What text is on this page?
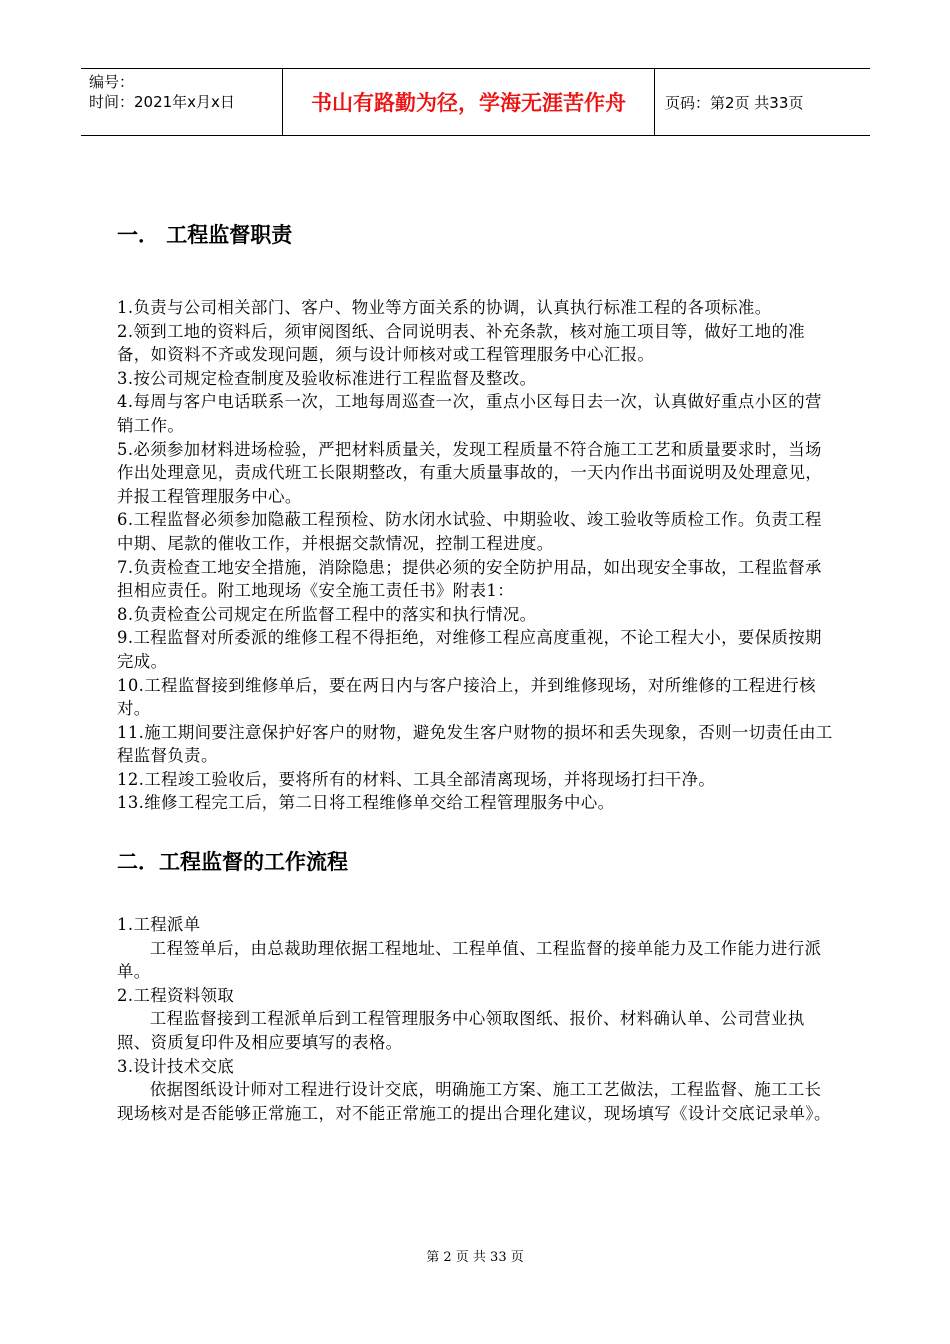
编号：
时间：2021年x月x日	书山有路勤为径，学海无涯苦作舟	页码：第2页 共33页
一． 工程监督职责

1.负责与公司相关部门、客户、物业等方面关系的协调，认真执行标准工程的各项标准。

2.领到工地的资料后，须审阅图纸、合同说明表、补充条款，核对施工项目等，做好工地的准备，如资料不齐或发现问题，须与设计师核对或工程管理服务中心汇报。

3.按公司规定检查制度及验收标准进行工程监督及整改。

4.每周与客户电话联系一次，工地每周巡查一次，重点小区每日去一次，认真做好重点小区的营销工作。

5.必须参加材料进场检验，严把材料质量关，发现工程质量不符合施工工艺和质量要求时，当场作出处理意见，责成代班工长限期整改，有重大质量事故的，一天内作出书面说明及处理意见，并报工程管理服务中心。

6.工程监督必须参加隐蔽工程预检、防水闭水试验、中期验收、竣工验收等质检工作。负责工程中期、尾款的催收工作，并根据交款情况，控制工程进度。

7.负责检查工地安全措施，消除隐患；提供必须的安全防护用品，如出现安全事故，工程监督承担相应责任。附工地现场《安全施工责任书》附表1：

8.负责检查公司规定在所监督工程中的落实和执行情况。

9.工程监督对所委派的维修工程不得拒绝，对维修工程应高度重视，不论工程大小，要保质按期完成。

10.工程监督接到维修单后，要在两日内与客户接洽上，并到维修现场，对所维修的工程进行核对。

11.施工期间要注意保护好客户的财物，避免发生客户财物的损坏和丢失现象，否则一切责任由工程监督负责。

12.工程竣工验收后，要将所有的材料、工具全部清离现场，并将现场打扫干净。

13.维修工程完工后，第二日将工程维修单交给工程管理服务中心。

二．工程监督的工作流程

1.工程派单

工程签单后，由总裁助理依据工程地址、工程单值、工程监督的接单能力及工作能力进行派单。

2.工程资料领取

工程监督接到工程派单后到工程管理服务中心领取图纸、报价、材料确认单、公司营业执照、资质复印件及相应要填写的表格。

3.设计技术交底

依据图纸设计师对工程进行设计交底，明确施工方案、施工工艺做法，工程监督、施工工长现场核对是否能够正常施工，对不能正常施工的提出合理化建议，现场填写《设计交底记录单》。

第 2 页 共 33 页
